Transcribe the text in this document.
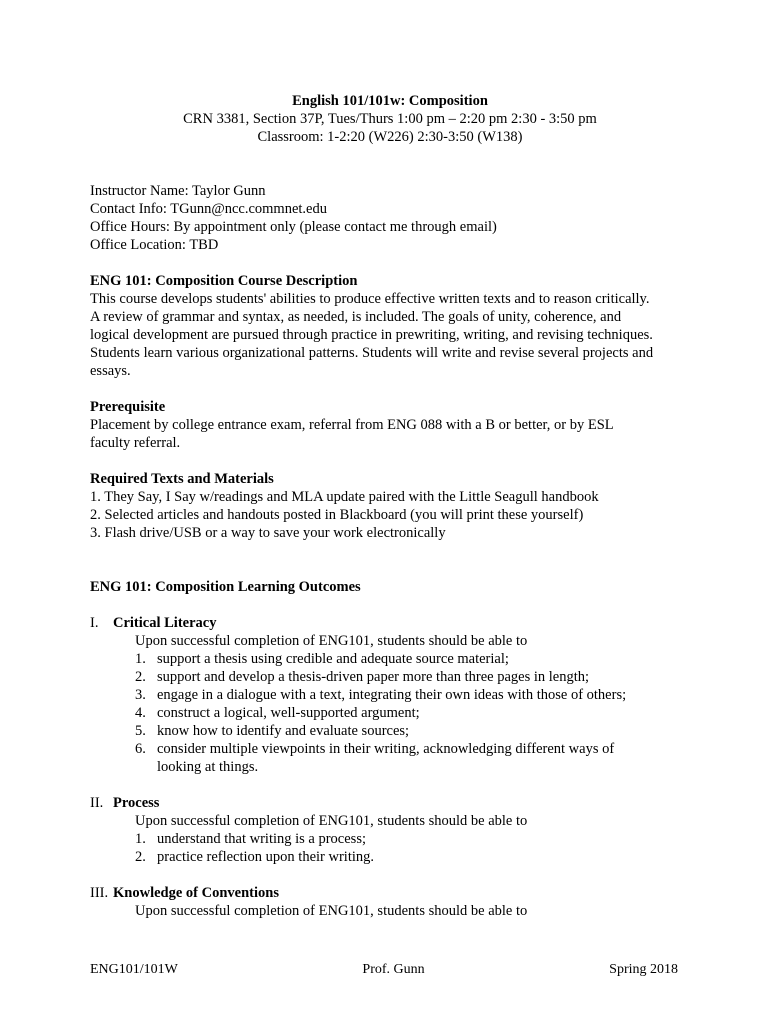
English 101/101w: Composition
CRN 3381, Section 37P, Tues/Thurs 1:00 pm – 2:20 pm 2:30 - 3:50 pm
Classroom: 1-2:20 (W226) 2:30-3:50 (W138)
Instructor Name: Taylor Gunn
Contact Info: TGunn@ncc.commnet.edu
Office Hours: By appointment only (please contact me through email)
Office Location: TBD
ENG 101: Composition Course Description
This course develops students' abilities to produce effective written texts and to reason critically.
A review of grammar and syntax, as needed, is included. The goals of unity, coherence, and
logical development are pursued through practice in prewriting, writing, and revising techniques.
Students learn various organizational patterns. Students will write and revise several projects and
essays.
Prerequisite
Placement by college entrance exam, referral from ENG 088 with a B or better, or by ESL
faculty referral.
Required Texts and Materials
1. They Say, I Say w/readings and MLA update paired with the Little Seagull handbook
2. Selected articles and handouts posted in Blackboard (you will print these yourself)
3. Flash drive/USB or a way to save your work electronically
ENG 101: Composition Learning Outcomes
I.	Critical Literacy
Upon successful completion of ENG101, students should be able to
1. support a thesis using credible and adequate source material;
2. support and develop a thesis-driven paper more than three pages in length;
3. engage in a dialogue with a text, integrating their own ideas with those of others;
4. construct a logical, well-supported argument;
5. know how to identify and evaluate sources;
6. consider multiple viewpoints in their writing, acknowledging different ways of
looking at things.
II. Process
Upon successful completion of ENG101, students should be able to
1. understand that writing is a process;
2. practice reflection upon their writing.
III. Knowledge of Conventions
Upon successful completion of ENG101, students should be able to
ENG101/101W	Prof. Gunn	Spring 2018
